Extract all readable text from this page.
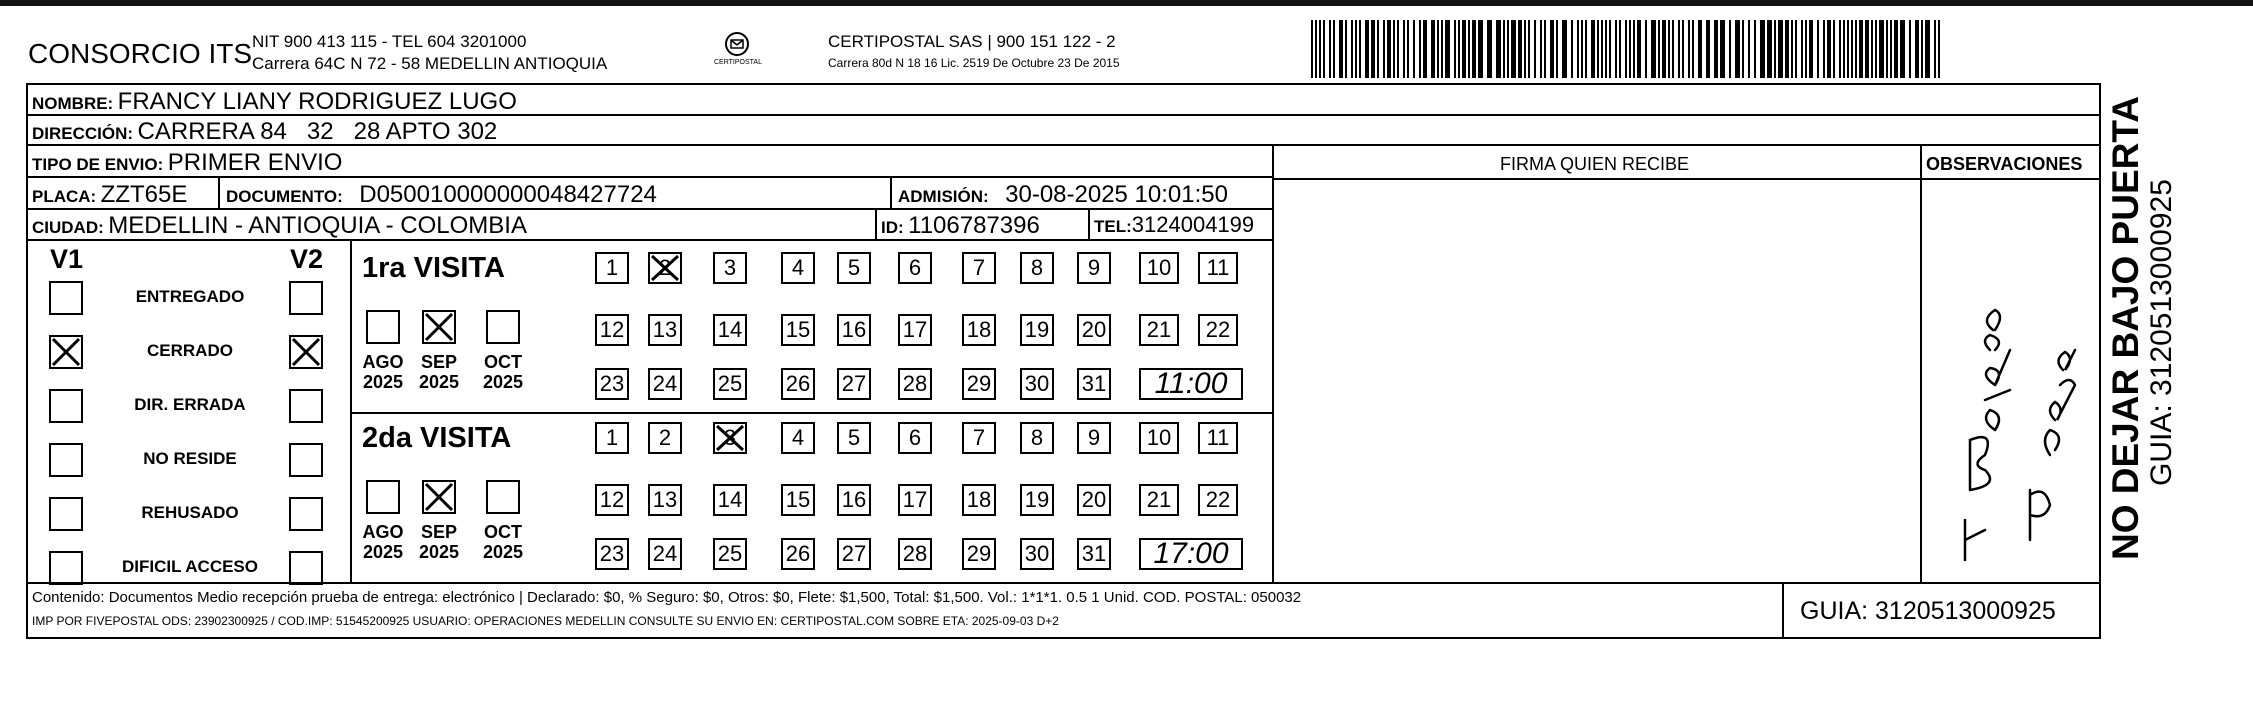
CONSORCIO ITS NIT 900 413 115 - TEL 604 3201000
Carrera 64C N 72 - 58 MEDELLIN ANTIOQUIA	CERTIPOSTAL
CERTIPOSTAL SAS | 900 151 122 - 2
Carrera 80d N 18 16 Lic. 2519 De Octubre 23 De 2015
NOMBRE: FRANCY LIANY RODRIGUEZ LUGO
DIRECCIÓN: CARRERA 84   32   28 APTO 302
TIPO DE ENVIO: PRIMER ENVIO
PLACA: ZZT65E DOCUMENTO: D050010000000048427724	ADMISIÓN: 30-08-2025 10:01:50
CIUDAD: MEDELLIN - ANTIOQUIA - COLOMBIA	ID: 1106787396	TEL:3124004199
FIRMA QUIEN RECIBE	OBSERVACIONES
V1	V2
ENTREGADO
CERRADO
DIR. ERRADA
NO RESIDE
REHUSADO
DIFICIL ACCESO
1ra VISITA
2da VISITA
1	2	3	4	5	6	7	8	9	10	11
12 13 14 15 16 17 18 19 20	21	22
23 24 25 26 27 28 29 30 31	11:00
AGO
2025
SEP
2025
OCT
2025
1	2	3	4	5	6	7	8	9	10	11
12 13 14 15 16 17 18 19 20	21	22
23 24 25 26 27 28 29 30 31	17:00
AGO
2025
SEP
2025
OCT
2025
Contenido: Documentos Medio recepción prueba de entrega: electrónico | Declarado: $0, % Seguro: $0, Otros: $0, Flete: $1,500, Total: $1,500. Vol.: 1*1*1. 0.5 1 Unid. COD. POSTAL: 050032
IMP POR FIVEPOSTAL ODS: 23902300925 / COD.IMP: 51545200925 USUARIO: OPERACIONES MEDELLIN CONSULTE SU ENVIO EN: CERTIPOSTAL.COM SOBRE ETA: 2025-09-03 D+2	GUIA: 3120513000925
NO DEJAR BAJO PUERTA GUIA: 3120513000925
